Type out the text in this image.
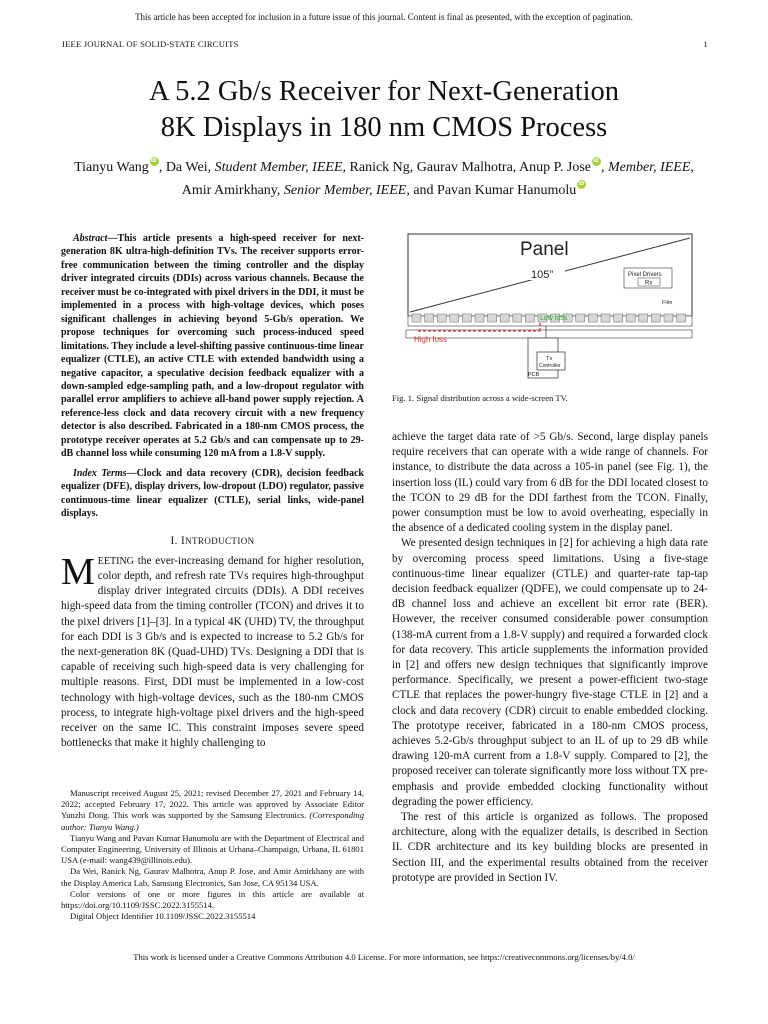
This article has been accepted for inclusion in a future issue of this journal. Content is final as presented, with the exception of pagination.
IEEE JOURNAL OF SOLID-STATE CIRCUITS	1
A 5.2 Gb/s Receiver for Next-Generation
8K Displays in 180 nm CMOS Process
Tianyu Wang iD , Da Wei, Student Member, IEEE, Ranick Ng, Gaurav Malhotra, Anup P. Jose iD , Member, IEEE,
Amir Amirkhany, Senior Member, IEEE, and Pavan Kumar HanumoluiD

Abstract—This article presents a high-speed receiver for next-generation 8K ultra-high-definition TVs. The receiver supports error-free communication between the timing controller and the display driver integrated circuits (DDIs) across various channels. Because the receiver must be co-integrated with pixel drivers in the DDI, it must be implemented in a process with high-voltage devices, which poses significant challenges in achieving beyond 5-Gb/s operation. We propose techniques for overcoming such process-induced speed limitations. They include a level-shifting passive continuous-time linear equalizer (CTLE), an active CTLE with extended bandwidth using a negative capacitor, a speculative decision feedback equalizer with a down-sampled edge-sampling path, and a low-dropout regulator with parallel error amplifiers to achieve all-band power supply rejection. A reference-less clock and data recovery circuit with a new frequency detector is also described. Fabricated in a 180-nm CMOS process, the prototype receiver operates at 5.2 Gb/s and can compensate up to 29-dB channel loss while consuming 120 mA from a 1.8-V supply.

Index Terms—Clock and data recovery (CDR), decision feedback equalizer (DFE), display drivers, low-dropout (LDO) regulator, passive continuous-time linear equalizer (CTLE), serial links, wide-panel displays.

I. INTRODUCTION

MEETING the ever-increasing demand for higher resolution, color depth, and refresh rate TVs requires high-throughput display driver integrated circuits (DDIs). A DDI receives high-speed data from the timing controller (TCON) and drives it to the pixel drivers [1]–[3]. In a typical 4K (UHD) TV, the throughput for each DDI is 3 Gb/s and is expected to increase to 5.2 Gb/s for the next-generation 8K (Quad-UHD) TVs. Designing a DDI that is capable of receiving such high-speed data is very challenging for multiple reasons. First, DDI must be implemented in a low-cost technology with high-voltage devices, such as the 180-nm CMOS process, to integrate high-voltage pixel drivers and the high-speed receiver on the same IC. This constraint imposes severe speed bottlenecks that make it highly challenging to

Manuscript received August 25, 2021; revised December 27, 2021 and February 14, 2022; accepted February 17, 2022. This article was approved by Associate Editor Yunzhi Dong. This work was supported by the Samsung Electronics. (Corresponding author: Tianyu Wang.)

Tianyu Wang and Pavan Kumar Hanumolu are with the Department of Electrical and Computer Engineering, University of Illinois at Urbana–Champaign, Urbana, IL 61801 USA (e-mail: wang439@illinois.edu).

Da Wei, Ranick Ng, Gaurav Malhotra, Anup P. Jose, and Amir Amirkhany are with the Display America Lab, Samsung Electronics, San Jose, CA 95134 USA.

Color versions of one or more figures in this article are available at https://doi.org/10.1109/JSSC.2022.3155514.

Digital Object Identifier 10.1109/JSSC.2022.3155514

Panel
105"	Pixel Drivers
Rx
Film
High loss
Low loss
Tx
Controller
PCB
Fig. 1. Signal distribution across a wide-screen TV.

achieve the target data rate of >5 Gb/s. Second, large display panels require receivers that can operate with a wide range of channels. For instance, to distribute the data across a 105-in panel (see Fig. 1), the insertion loss (IL) could vary from 6 dB for the DDI located closest to the TCON to 29 dB for the DDI farthest from the TCON. Finally, power consumption must be low to avoid overheating, especially in the absence of a dedicated cooling system in the display panel.

We presented design techniques in [2] for achieving a high data rate by overcoming process speed limitations. Using a five-stage continuous-time linear equalizer (CTLE) and quarter-rate tap-tap decision feedback equalizer (QDFE), we could compensate up to 24-dB channel loss and achieve an excellent bit error rate (BER). However, the receiver consumed considerable power consumption (138-mA current from a 1.8-V supply) and required a forwarded clock for data recovery. This article supplements the information provided in [2] and offers new design techniques that significantly improve performance. Specifically, we present a power-efficient two-stage CTLE that replaces the power-hungry five-stage CTLE in [2] and a clock and data recovery (CDR) circuit to enable embedded clocking. The prototype receiver, fabricated in a 180-nm CMOS process, achieves 5.2-Gb/s throughput subject to an IL of up to 29 dB while drawing 120-mA current from a 1.8-V supply. Compared to [2], the proposed receiver can tolerate significantly more loss without TX pre-emphasis and provide embedded clocking functionality without degrading the power efficiency.

The rest of this article is organized as follows. The proposed architecture, along with the equalizer details, is described in Section II. CDR architecture and its key building blocks are presented in Section III, and the experimental results obtained from the receiver prototype are provided in Section IV.

This work is licensed under a Creative Commons Attribution 4.0 License. For more information, see https://creativecommons.org/licenses/by/4.0/
